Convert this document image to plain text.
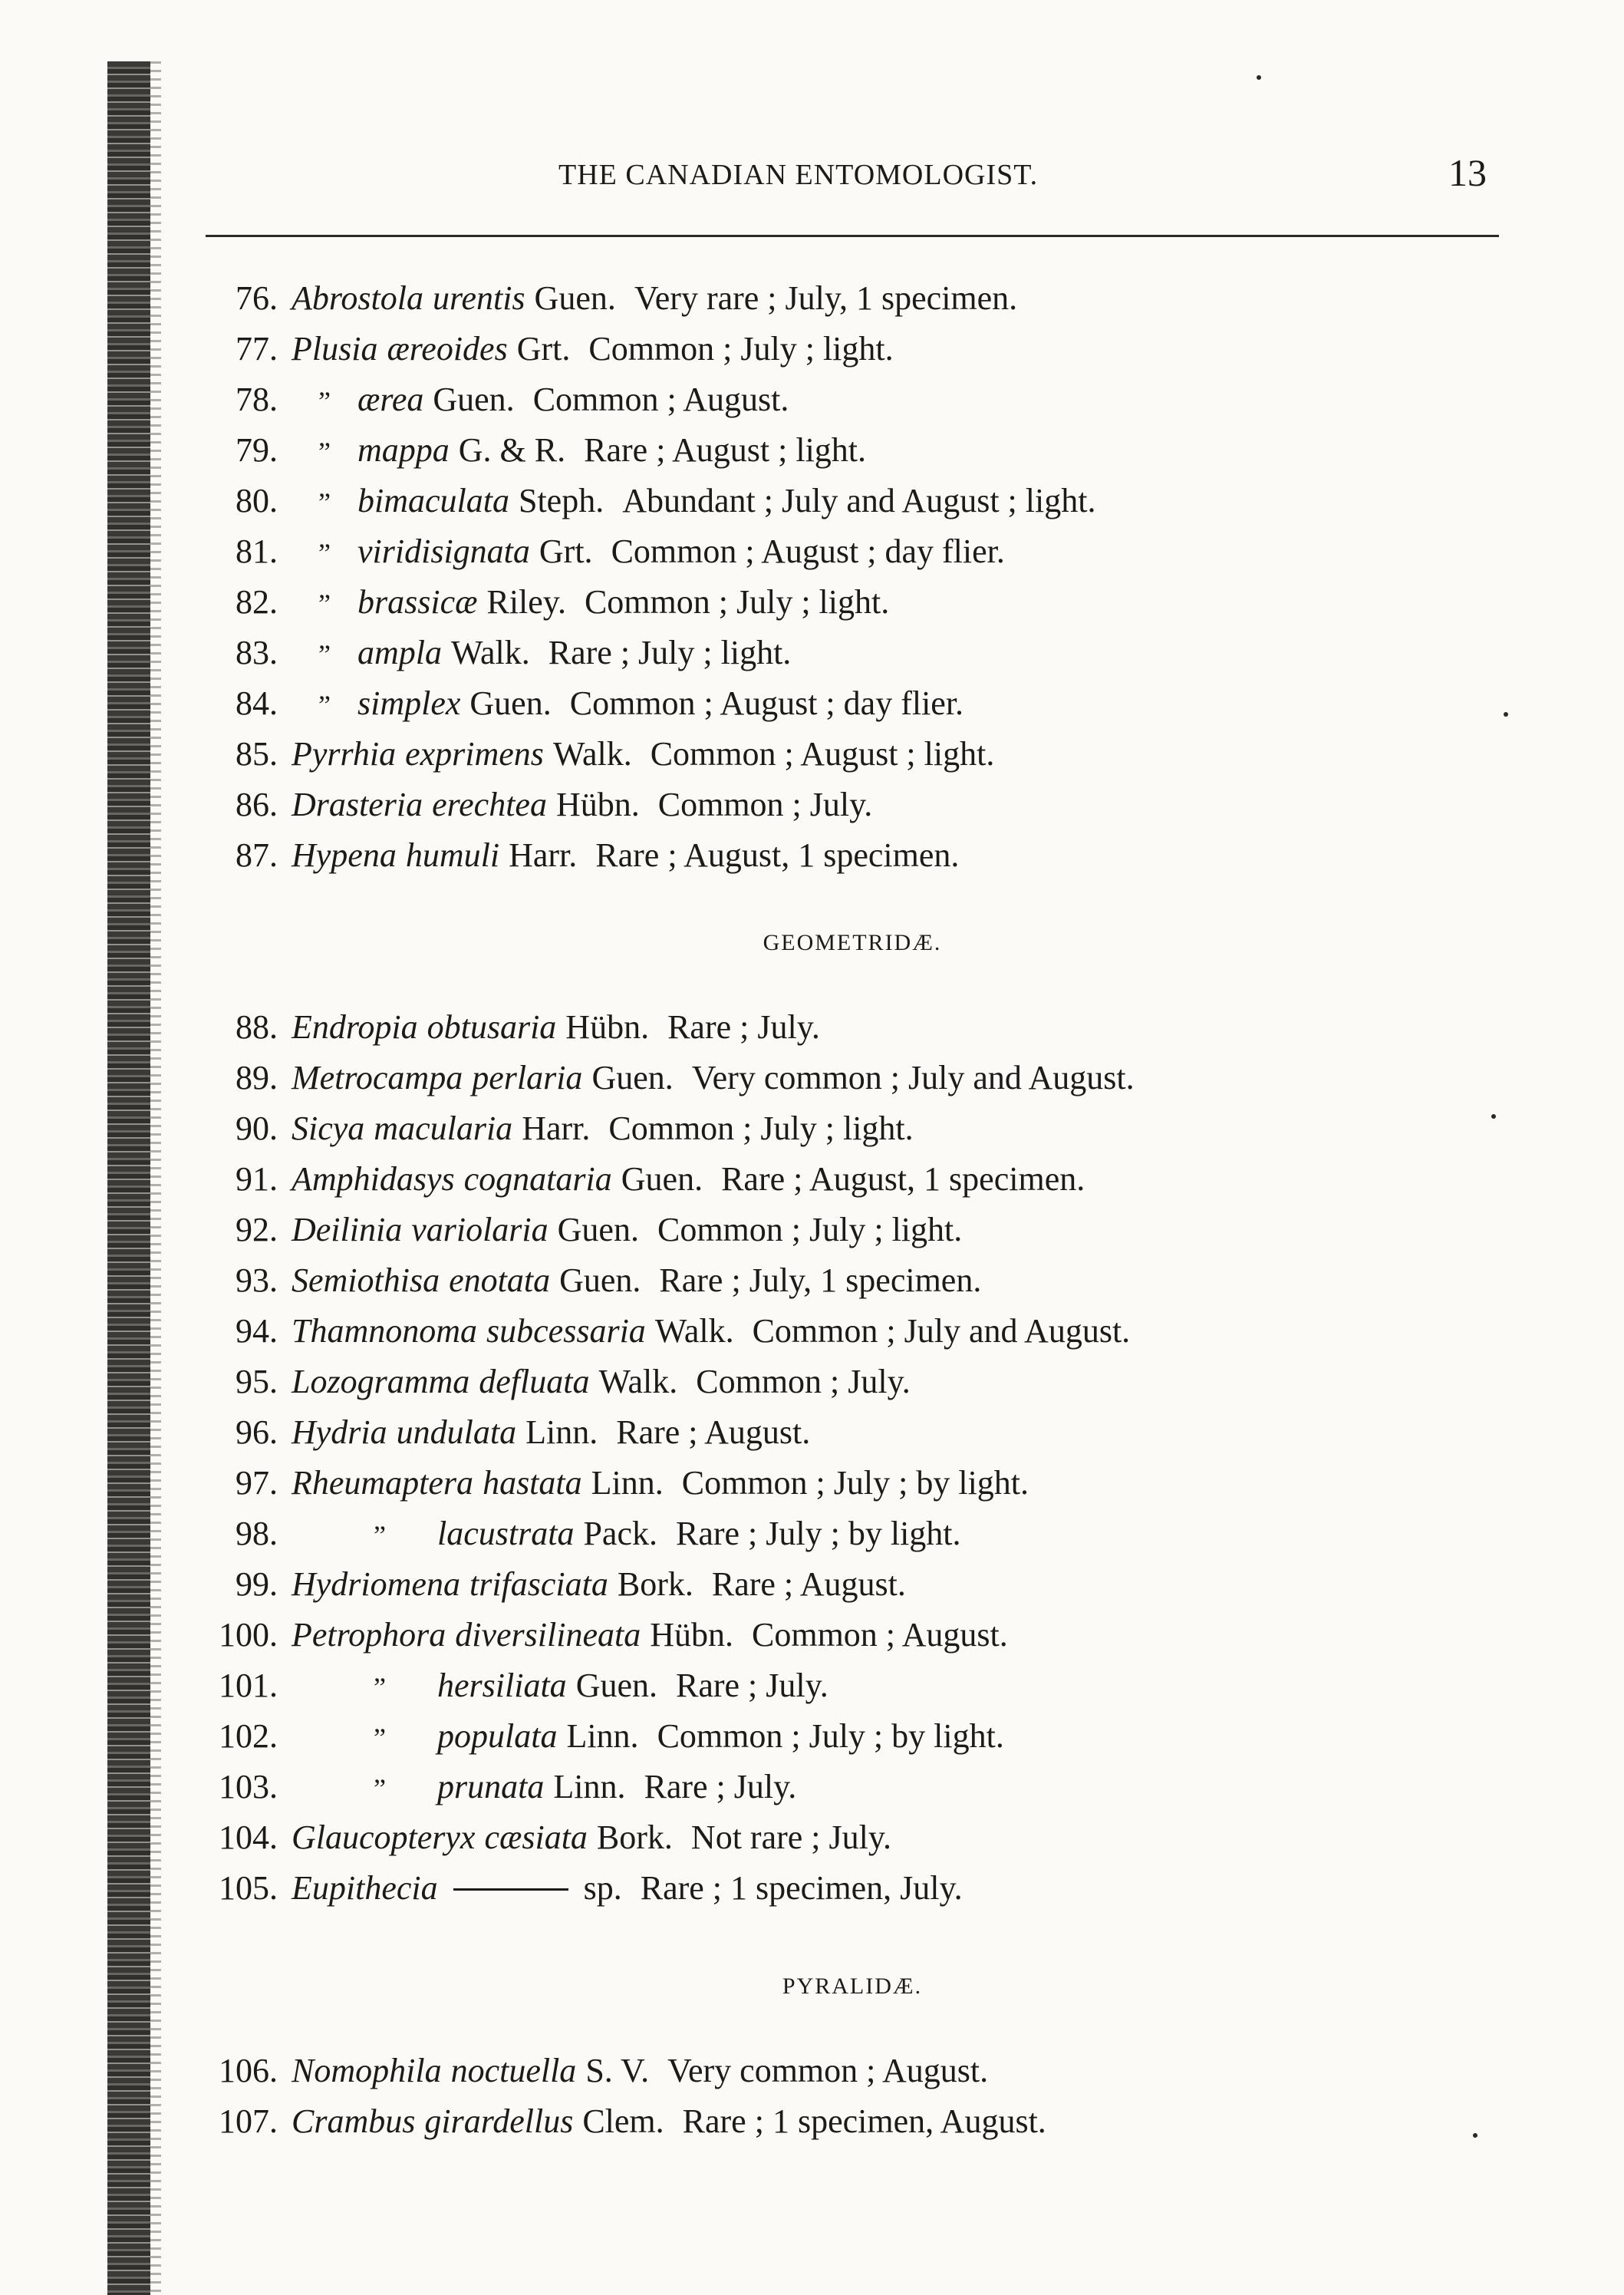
THE CANADIAN ENTOMOLOGIST.	13
76. Abrostola urentis Guen. Very rare ; July, 1 specimen.
77. Plusia æreoides Grt. Common ; July ; light.
78. ” ærea Guen. Common ; August.
79. ” mappa G. & R. Rare ; August ; light.
80. ” bimaculata Steph. Abundant ; July and August ; light.
81. ” viridisignata Grt. Common ; August ; day flier.
82. ” brassicæ Riley. Common ; July ; light.
83. ” ampla Walk. Rare ; July ; light.
84. ” simplex Guen. Common ; August ; day flier.
85. Pyrrhia exprimens Walk. Common ; August ; light.
86. Drasteria erechtea Hübn. Common ; July.
87. Hypena humuli Harr. Rare ; August, 1 specimen.
GEOMETRIDÆ.
88. Endropia obtusaria Hübn. Rare ; July.
89. Metrocampa perlaria Guen. Very common ; July and August.
90. Sicya macularia Harr. Common ; July ; light.
91. Amphidasys cognataria Guen. Rare ; August, 1 specimen.
92. Deilinia variolaria Guen. Common ; July ; light.
93. Semiothisa enotata Guen. Rare ; July, 1 specimen.
94. Thamnonoma subcessaria Walk. Common ; July and August.
95. Lozogramma defluata Walk. Common ; July.
96. Hydria undulata Linn. Rare ; August.
97. Rheumaptera hastata Linn. Common ; July ; by light.
98.	” lacustrata Pack. Rare ; July ; by light.
99. Hydriomena trifasciata Bork. Rare ; August.
100. Petrophora diversilineata Hübn. Common ; August.
101.	” hersiliata Guen. Rare ; July.
102.	” populata Linn. Common ; July ; by light.
103.	” prunata Linn. Rare ; July.
104. Glaucopteryx cæsiata Bork. Not rare ; July.
105. Eupithecia	sp. Rare ; 1 specimen, July.
PYRALIDÆ.
106. Nomophila noctuella S. V. Very common ; August.
107. Crambus girardellus Clem. Rare ; 1 specimen, August.
